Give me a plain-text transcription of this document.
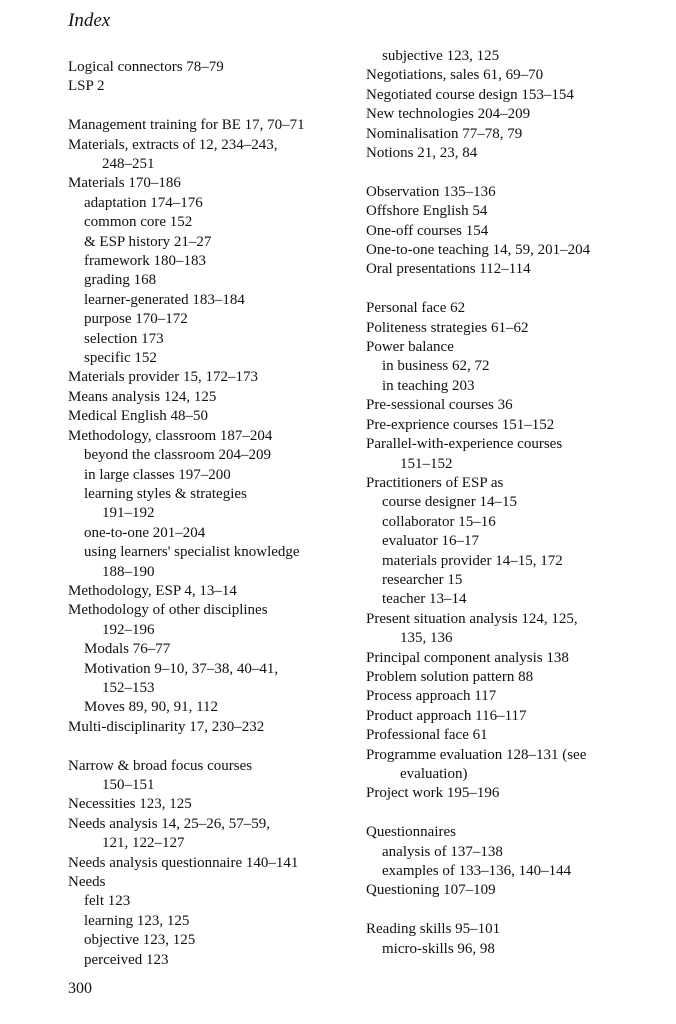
Index
Logical connectors 78–79
LSP 2
Management training for BE 17, 70–71
Materials, extracts of 12, 234–243,
248–251
Materials 170–186
adaptation 174–176
common core 152
& ESP history 21–27
framework 180–183
grading 168
learner-generated 183–184
purpose 170–172
selection 173
specific 152
Materials provider 15, 172–173
Means analysis 124, 125
Medical English 48–50
Methodology, classroom 187–204
beyond the classroom 204–209
in large classes 197–200
learning styles & strategies
191–192
one-to-one 201–204
using learners' specialist knowledge
188–190
Methodology, ESP 4, 13–14
Methodology of other disciplines
192–196
Modals 76–77
Motivation 9–10, 37–38, 40–41,
152–153
Moves 89, 90, 91, 112
Multi-disciplinarity 17, 230–232
Narrow & broad focus courses
150–151
Necessities 123, 125
Needs analysis 14, 25–26, 57–59,
121, 122–127
Needs analysis questionnaire 140–141
Needs
felt 123
learning 123, 125
objective 123, 125
perceived 123
subjective 123, 125
Negotiations, sales 61, 69–70
Negotiated course design 153–154
New technologies 204–209
Nominalisation 77–78, 79
Notions 21, 23, 84
Observation 135–136
Offshore English 54
One-off courses 154
One-to-one teaching 14, 59, 201–204
Oral presentations 112–114
Personal face 62
Politeness strategies 61–62
Power balance
in business 62, 72
in teaching 203
Pre-sessional courses 36
Pre-exprience courses 151–152
Parallel-with-experience courses
151–152
Practitioners of ESP as
course designer 14–15
collaborator 15–16
evaluator 16–17
materials provider 14–15, 172
researcher 15
teacher 13–14
Present situation analysis 124, 125,
135, 136
Principal component analysis 138
Problem solution pattern 88
Process approach 117
Product approach 116–117
Professional face 61
Programme evaluation 128–131 (see
evaluation)
Project work 195–196
Questionnaires
analysis of 137–138
examples of 133–136, 140–144
Questioning 107–109
Reading skills 95–101
micro-skills 96, 98
300
